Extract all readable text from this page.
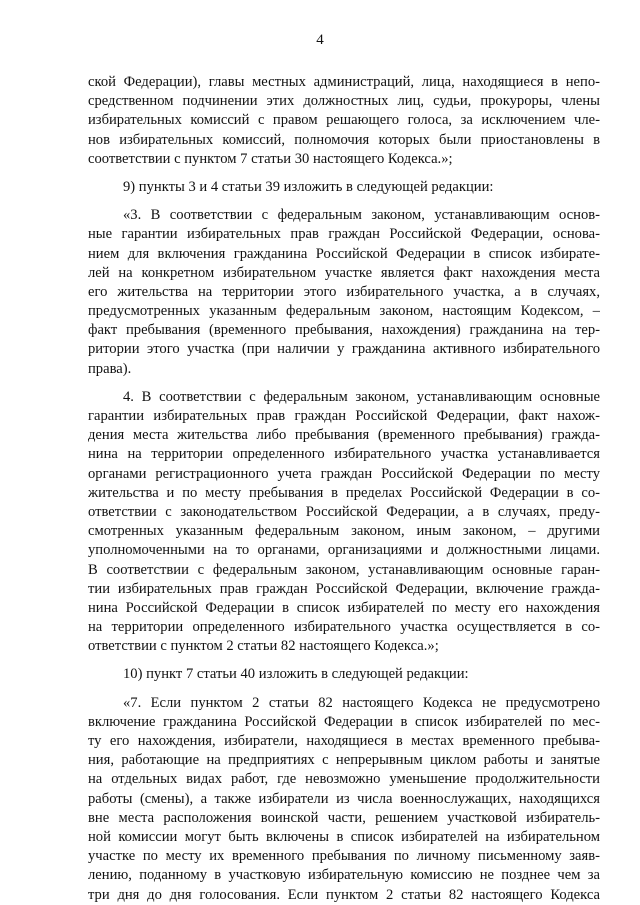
4
ской Федерации), главы местных администраций, лица, находящиеся в непо-
средственном подчинении этих должностных лиц, судьи, прокуроры, члены
избирательных комиссий с правом решающего голоса, за исключением чле-
нов избирательных комиссий, полномочия которых были приостановлены в
соответствии с пунктом 7 статьи 30 настоящего Кодекса.»;
9) пункты 3 и 4 статьи 39 изложить в следующей редакции:
«3. В соответствии с федеральным законом, устанавливающим основ-
ные гарантии избирательных прав граждан Российской Федерации, основа-
нием для включения гражданина Российской Федерации в список избирате-
лей на конкретном избирательном участке является факт нахождения места
его жительства на территории этого избирательного участка, а в случаях,
предусмотренных указанным федеральным законом, настоящим Кодексом, –
факт пребывания (временного пребывания, нахождения) гражданина на тер-
ритории этого участка (при наличии у гражданина активного избирательного
права).
4. В соответствии с федеральным законом, устанавливающим основные
гарантии избирательных прав граждан Российской Федерации, факт нахож-
дения места жительства либо пребывания (временного пребывания) гражда-
нина на территории определенного избирательного участка устанавливается
органами регистрационного учета граждан Российской Федерации по месту
жительства и по месту пребывания в пределах Российской Федерации в со-
ответствии с законодательством Российской Федерации, а в случаях, преду-
смотренных указанным федеральным законом, иным законом, – другими
уполномоченными на то органами, организациями и должностными лицами.
В соответствии с федеральным законом, устанавливающим основные гаран-
тии избирательных прав граждан Российской Федерации, включение гражда-
нина Российской Федерации в список избирателей по месту его нахождения
на территории определенного избирательного участка осуществляется в со-
ответствии с пунктом 2 статьи 82 настоящего Кодекса.»;
10) пункт 7 статьи 40 изложить в следующей редакции:
«7. Если пунктом 2 статьи 82 настоящего Кодекса не предусмотрено
включение гражданина Российской Федерации в список избирателей по мес-
ту его нахождения, избиратели, находящиеся в местах временного пребыва-
ния, работающие на предприятиях с непрерывным циклом работы и занятые
на отдельных видах работ, где невозможно уменьшение продолжительности
работы (смены), а также избиратели из числа военнослужащих, находящихся
вне места расположения воинской части, решением участковой избиратель-
ной комиссии могут быть включены в список избирателей на избирательном
участке по месту их временного пребывания по личному письменному заяв-
лению, поданному в участковую избирательную комиссию не позднее чем за
три дня до дня голосования. Если пунктом 2 статьи 82 настоящего Кодекса
